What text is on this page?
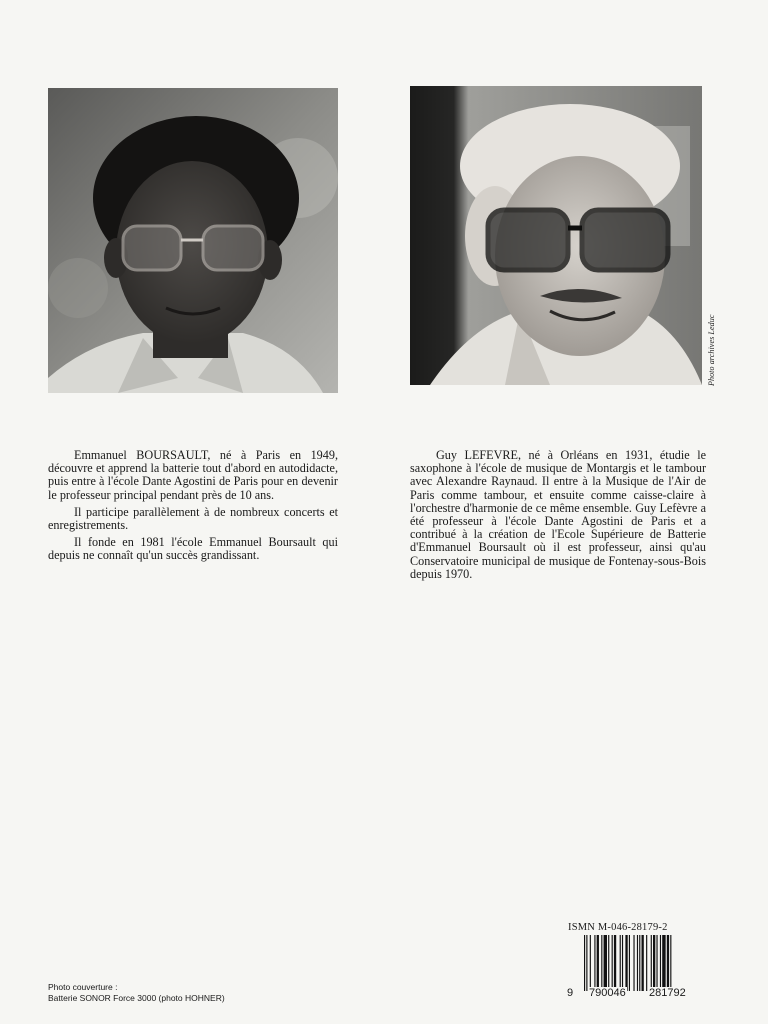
Photo archives Leduc

Emmanuel BOURSAULT, né à Paris en 1949, découvre et apprend la batterie tout d'abord en autodidacte, puis entre à l'école Dante Agostini de Paris pour en devenir le professeur principal pendant près de 10 ans.

Il participe parallèlement à de nombreux concerts et enregistrements.

Il fonde en 1981 l'école Emmanuel Boursault qui depuis ne connaît qu'un succès grandissant.

Guy LEFEVRE, né à Orléans en 1931, étudie le saxophone à l'école de musique de Montargis et le tambour avec Alexandre Raynaud. Il entre à la Musique de l'Air de Paris comme tambour, et ensuite comme caisse-claire à l'orchestre d'harmonie de ce même ensemble. Guy Lefèvre a été professeur à l'école Dante Agostini de Paris et a contribué à la création de l'Ecole Supérieure de Batterie d'Emmanuel Boursault où il est professeur, ainsi qu'au Conservatoire municipal de musique de Fontenay-sous-Bois depuis 1970.

ISMN M-046-28179-2
9 790046 281792
Photo couverture :
Batterie SONOR Force 3000 (photo HOHNER)
